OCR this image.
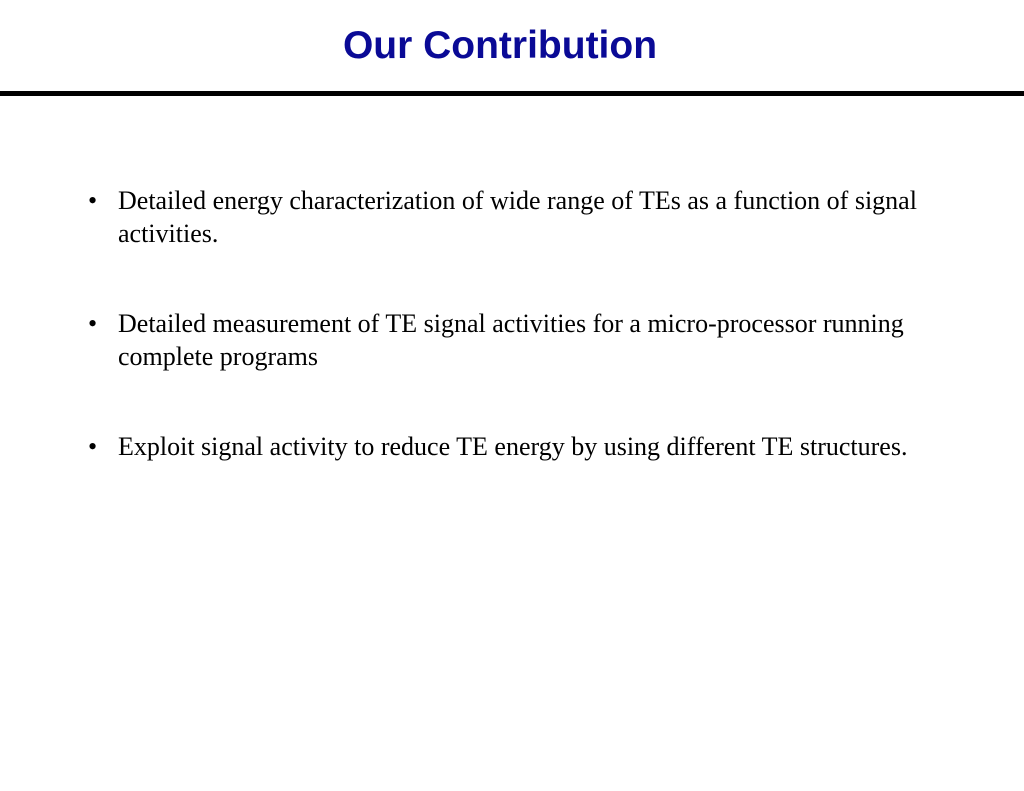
Our Contribution
• Detailed energy characterization of wide range of TEs as a function of signal activities.
• Detailed measurement of TE signal activities for a micro-processor running complete programs
• Exploit signal activity to reduce TE energy by using different TE structures.
